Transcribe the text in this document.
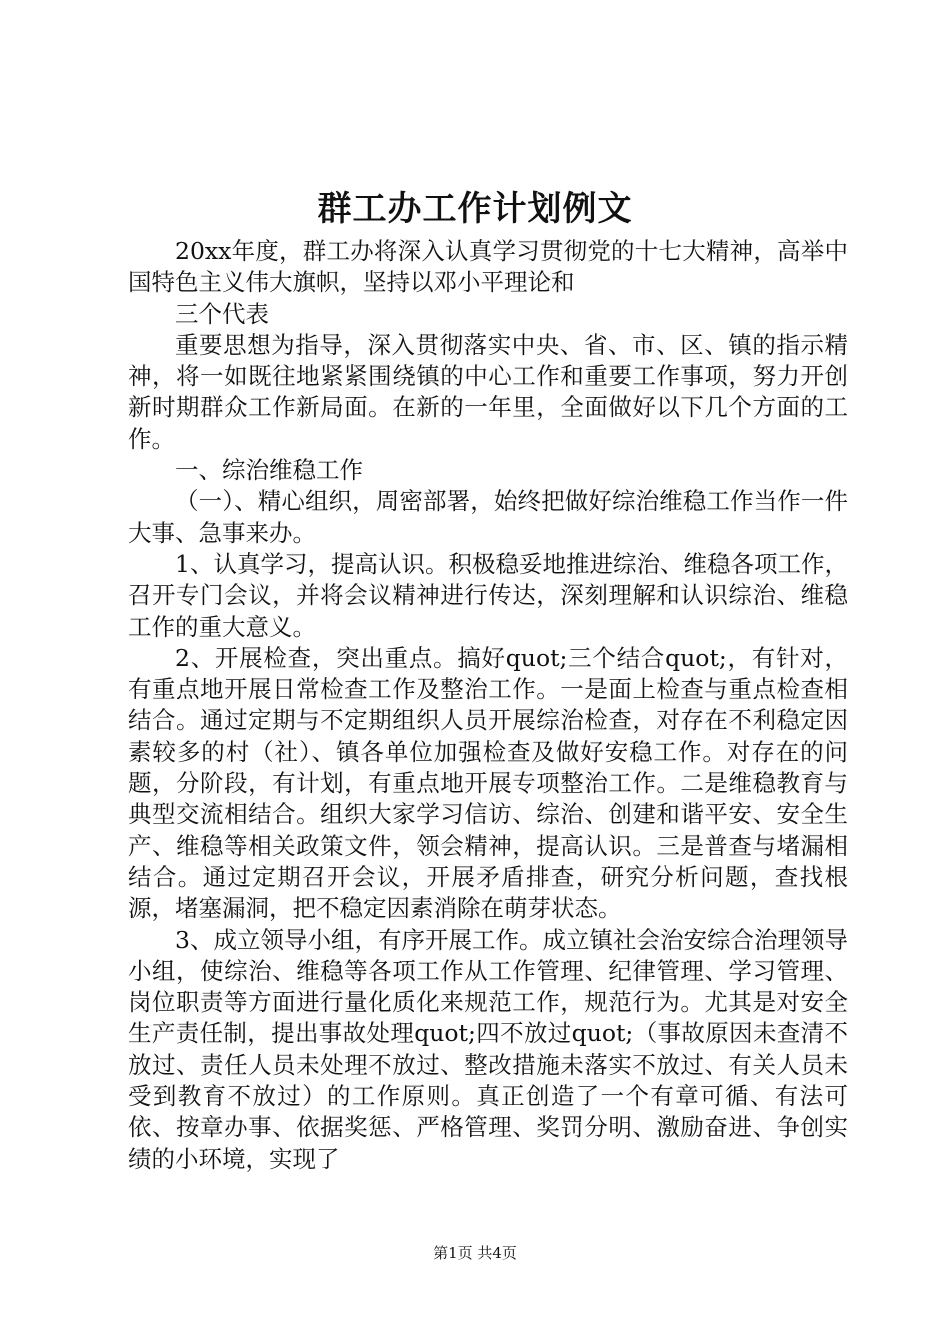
群工办工作计划例文

20xx年度，群工办将深入认真学习贯彻党的十七大精神，高举中国特色主义伟大旗帜，坚持以邓小平理论和

三个代表

重要思想为指导，深入贯彻落实中央、省、市、区、镇的指示精神，将一如既往地紧紧围绕镇的中心工作和重要工作事项，努力开创新时期群众工作新局面。在新的一年里，全面做好以下几个方面的工作。

一、综治维稳工作

（一）、精心组织，周密部署，始终把做好综治维稳工作当作一件大事、急事来办。

1、认真学习，提高认识。积极稳妥地推进综治、维稳各项工作，召开专门会议，并将会议精神进行传达，深刻理解和认识综治、维稳工作的重大意义。

2、开展检查，突出重点。搞好quot;三个结合quot;，有针对，有重点地开展日常检查工作及整治工作。一是面上检查与重点检查相结合。通过定期与不定期组织人员开展综治检查，对存在不利稳定因素较多的村（社）、镇各单位加强检查及做好安稳工作。对存在的问题，分阶段，有计划，有重点地开展专项整治工作。二是维稳教育与典型交流相结合。组织大家学习信访、综治、创建和谐平安、安全生产、维稳等相关政策文件，领会精神，提高认识。三是普查与堵漏相结合。通过定期召开会议，开展矛盾排查，研究分析问题，查找根源，堵塞漏洞，把不稳定因素消除在萌芽状态。

3、成立领导小组，有序开展工作。成立镇社会治安综合治理领导小组，使综治、维稳等各项工作从工作管理、纪律管理、学习管理、岗位职责等方面进行量化质化来规范工作，规范行为。尤其是对安全生产责任制，提出事故处理quot;四不放过quot;（事故原因未查清不放过、责任人员未处理不放过、整改措施未落实不放过、有关人员未受到教育不放过）的工作原则。真正创造了一个有章可循、有法可依、按章办事、依据奖惩、严格管理、奖罚分明、激励奋进、争创实绩的小环境，实现了

第1页 共4页
